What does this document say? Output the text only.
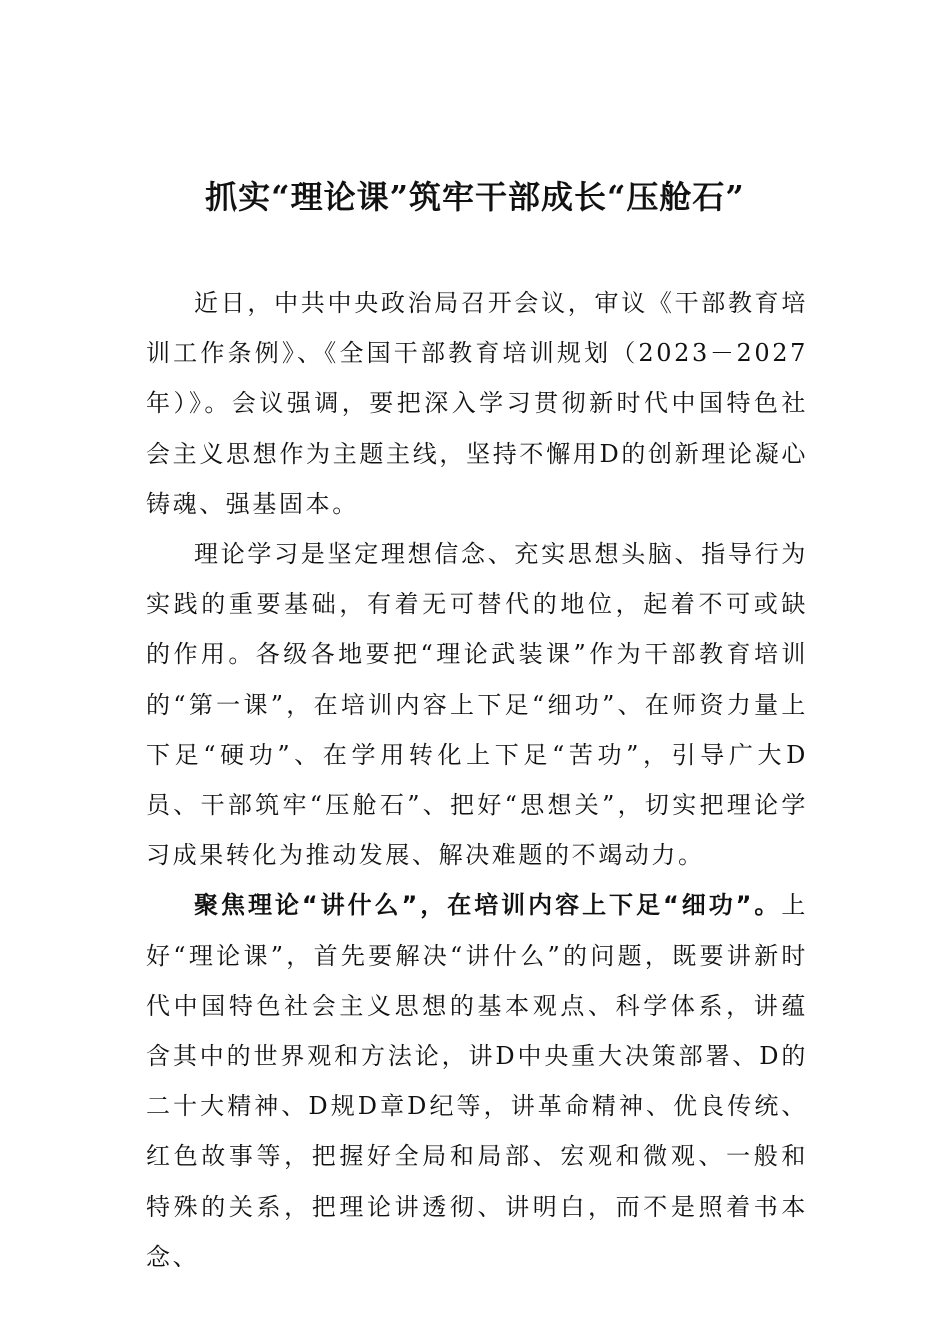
抓实“理论课”筑牢干部成长“压舱石”

近日，中共中央政治局召开会议，审议《干部教育培训工作条例》、《全国干部教育培训规划（2023－2027年）》。会议强调，要把深入学习贯彻新时代中国特色社会主义思想作为主题主线，坚持不懈用D的创新理论凝心铸魂、强基固本。

理论学习是坚定理想信念、充实思想头脑、指导行为实践的重要基础，有着无可替代的地位，起着不可或缺的作用。各级各地要把“理论武装课”作为干部教育培训的“第一课”，在培训内容上下足“细功”、在师资力量上下足“硬功”、在学用转化上下足“苦功”，引导广大D员、干部筑牢“压舱石”、把好“思想关”，切实把理论学习成果转化为推动发展、解决难题的不竭动力。

聚焦理论“讲什么”，在培训内容上下足“细功”。上好“理论课”，首先要解决“讲什么”的问题，既要讲新时代中国特色社会主义思想的基本观点、科学体系，讲蕴含其中的世界观和方法论，讲D中央重大决策部署、D的二十大精神、D规D章D纪等，讲革命精神、优良传统、红色故事等，把握好全局和局部、宏观和微观、一般和特殊的关系，把理论讲透彻、讲明白，而不是照着书本念、
